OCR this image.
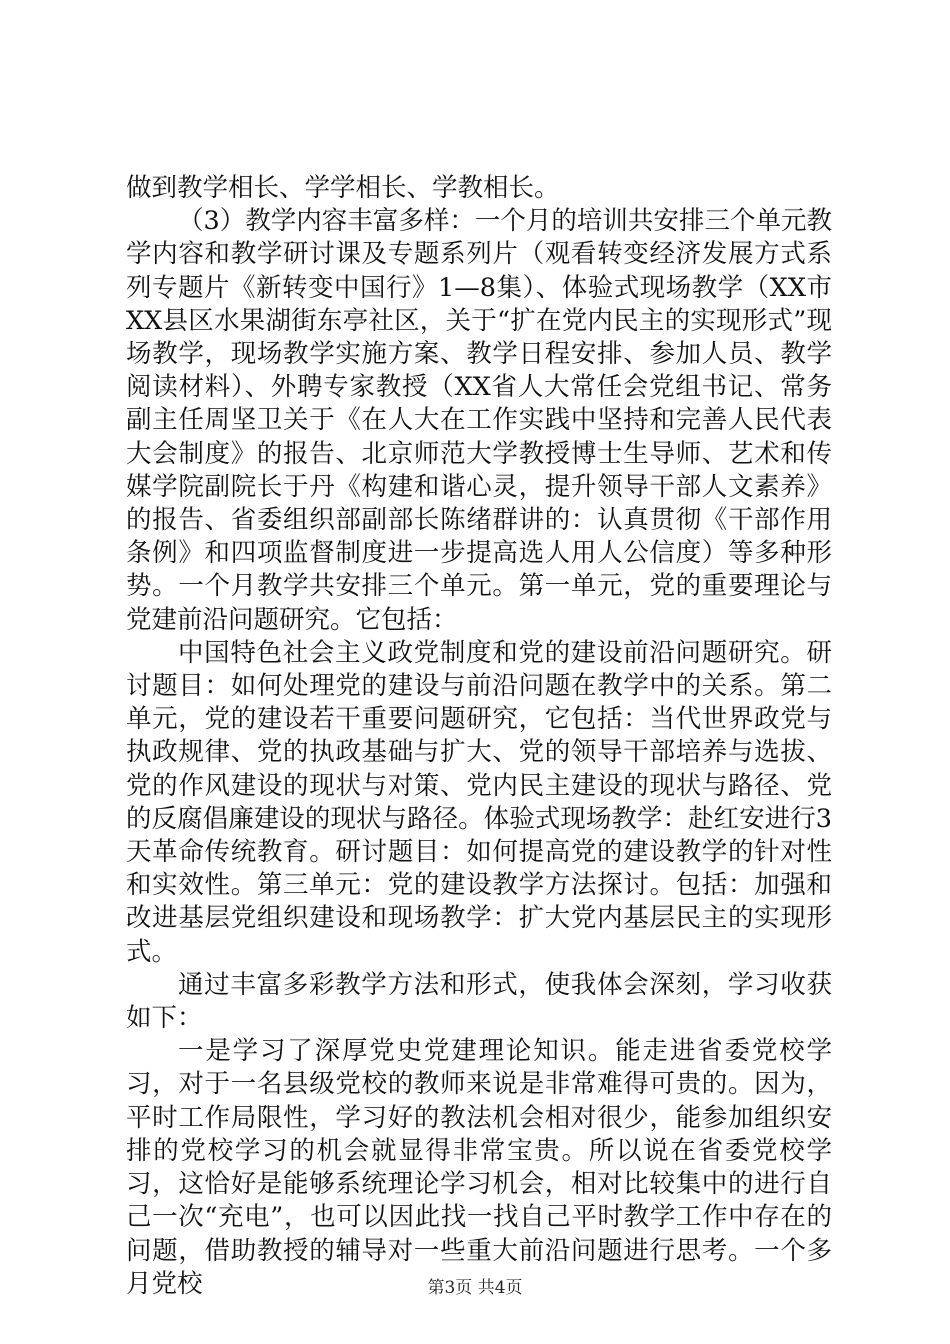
做到教学相长、学学相长、学教相长。

（3）教学内容丰富多样：一个月的培训共安排三个单元教学内容和教学研讨课及专题系列片（观看转变经济发展方式系列专题片《新转变中国行》1—8集）、体验式现场教学（XX市XX县区水果湖街东亭社区，关于“扩在党内民主的实现形式”现场教学，现场教学实施方案、教学日程安排、参加人员、教学阅读材料）、外聘专家教授（XX省人大常任会党组书记、常务副主任周坚卫关于《在人大在工作实践中坚持和完善人民代表大会制度》的报告、北京师范大学教授博士生导师、艺术和传媒学院副院长于丹《构建和谐心灵，提升领导干部人文素养》的报告、省委组织部副部长陈绪群讲的：认真贯彻《干部作用条例》和四项监督制度进一步提高选人用人公信度）等多种形势。一个月教学共安排三个单元。第一单元，党的重要理论与党建前沿问题研究。它包括：

中国特色社会主义政党制度和党的建设前沿问题研究。研讨题目：如何处理党的建设与前沿问题在教学中的关系。第二单元，党的建设若干重要问题研究，它包括：当代世界政党与执政规律、党的执政基础与扩大、党的领导干部培养与选拔、党的作风建设的现状与对策、党内民主建设的现状与路径、党的反腐倡廉建设的现状与路径。体验式现场教学：赴红安进行3天革命传统教育。研讨题目：如何提高党的建设教学的针对性和实效性。第三单元：党的建设教学方法探讨。包括：加强和改进基层党组织建设和现场教学：扩大党内基层民主的实现形式。

通过丰富多彩教学方法和形式，使我体会深刻，学习收获如下：

一是学习了深厚党史党建理论知识。能走进省委党校学习，对于一名县级党校的教师来说是非常难得可贵的。因为，平时工作局限性，学习好的教法机会相对很少，能参加组织安排的党校学习的机会就显得非常宝贵。所以说在省委党校学习，这恰好是能够系统理论学习机会，相对比较集中的进行自己一次“充电”，也可以因此找一找自己平时教学工作中存在的问题，借助教授的辅导对一些重大前沿问题进行思考。一个多月党校	第3页 共4页
